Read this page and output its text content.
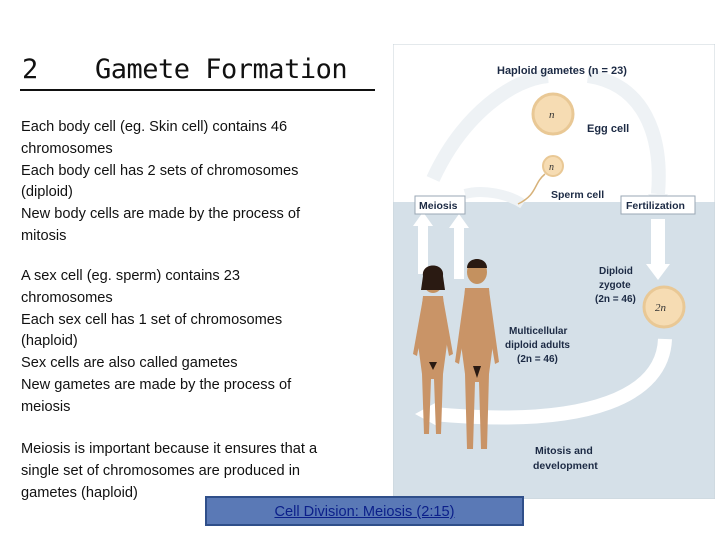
2 Gamete Formation
Each body cell (eg. Skin cell) contains 46
chromosomes
Each body cell has 2 sets of chromosomes
(diploid)
New body cells are made by the process of
mitosis
A sex cell (eg. sperm) contains 23
chromosomes
Each sex cell has 1 set of chromosomes
(haploid)
Sex cells are also called gametes
New gametes are made by the process of
meiosis
Meiosis is important because it ensures that a
single set of chromosomes are produced in
gametes (haploid)
Haploid gametes (n = 23)
n
Egg cell
n
Sperm cell
Meiosis	Fertilization
Diploid
zygote
(2n = 46)
2n
Multicellular
diploid adults
(2n = 46)
Mitosis and
development
Cell Division: Meiosis (2:15)
